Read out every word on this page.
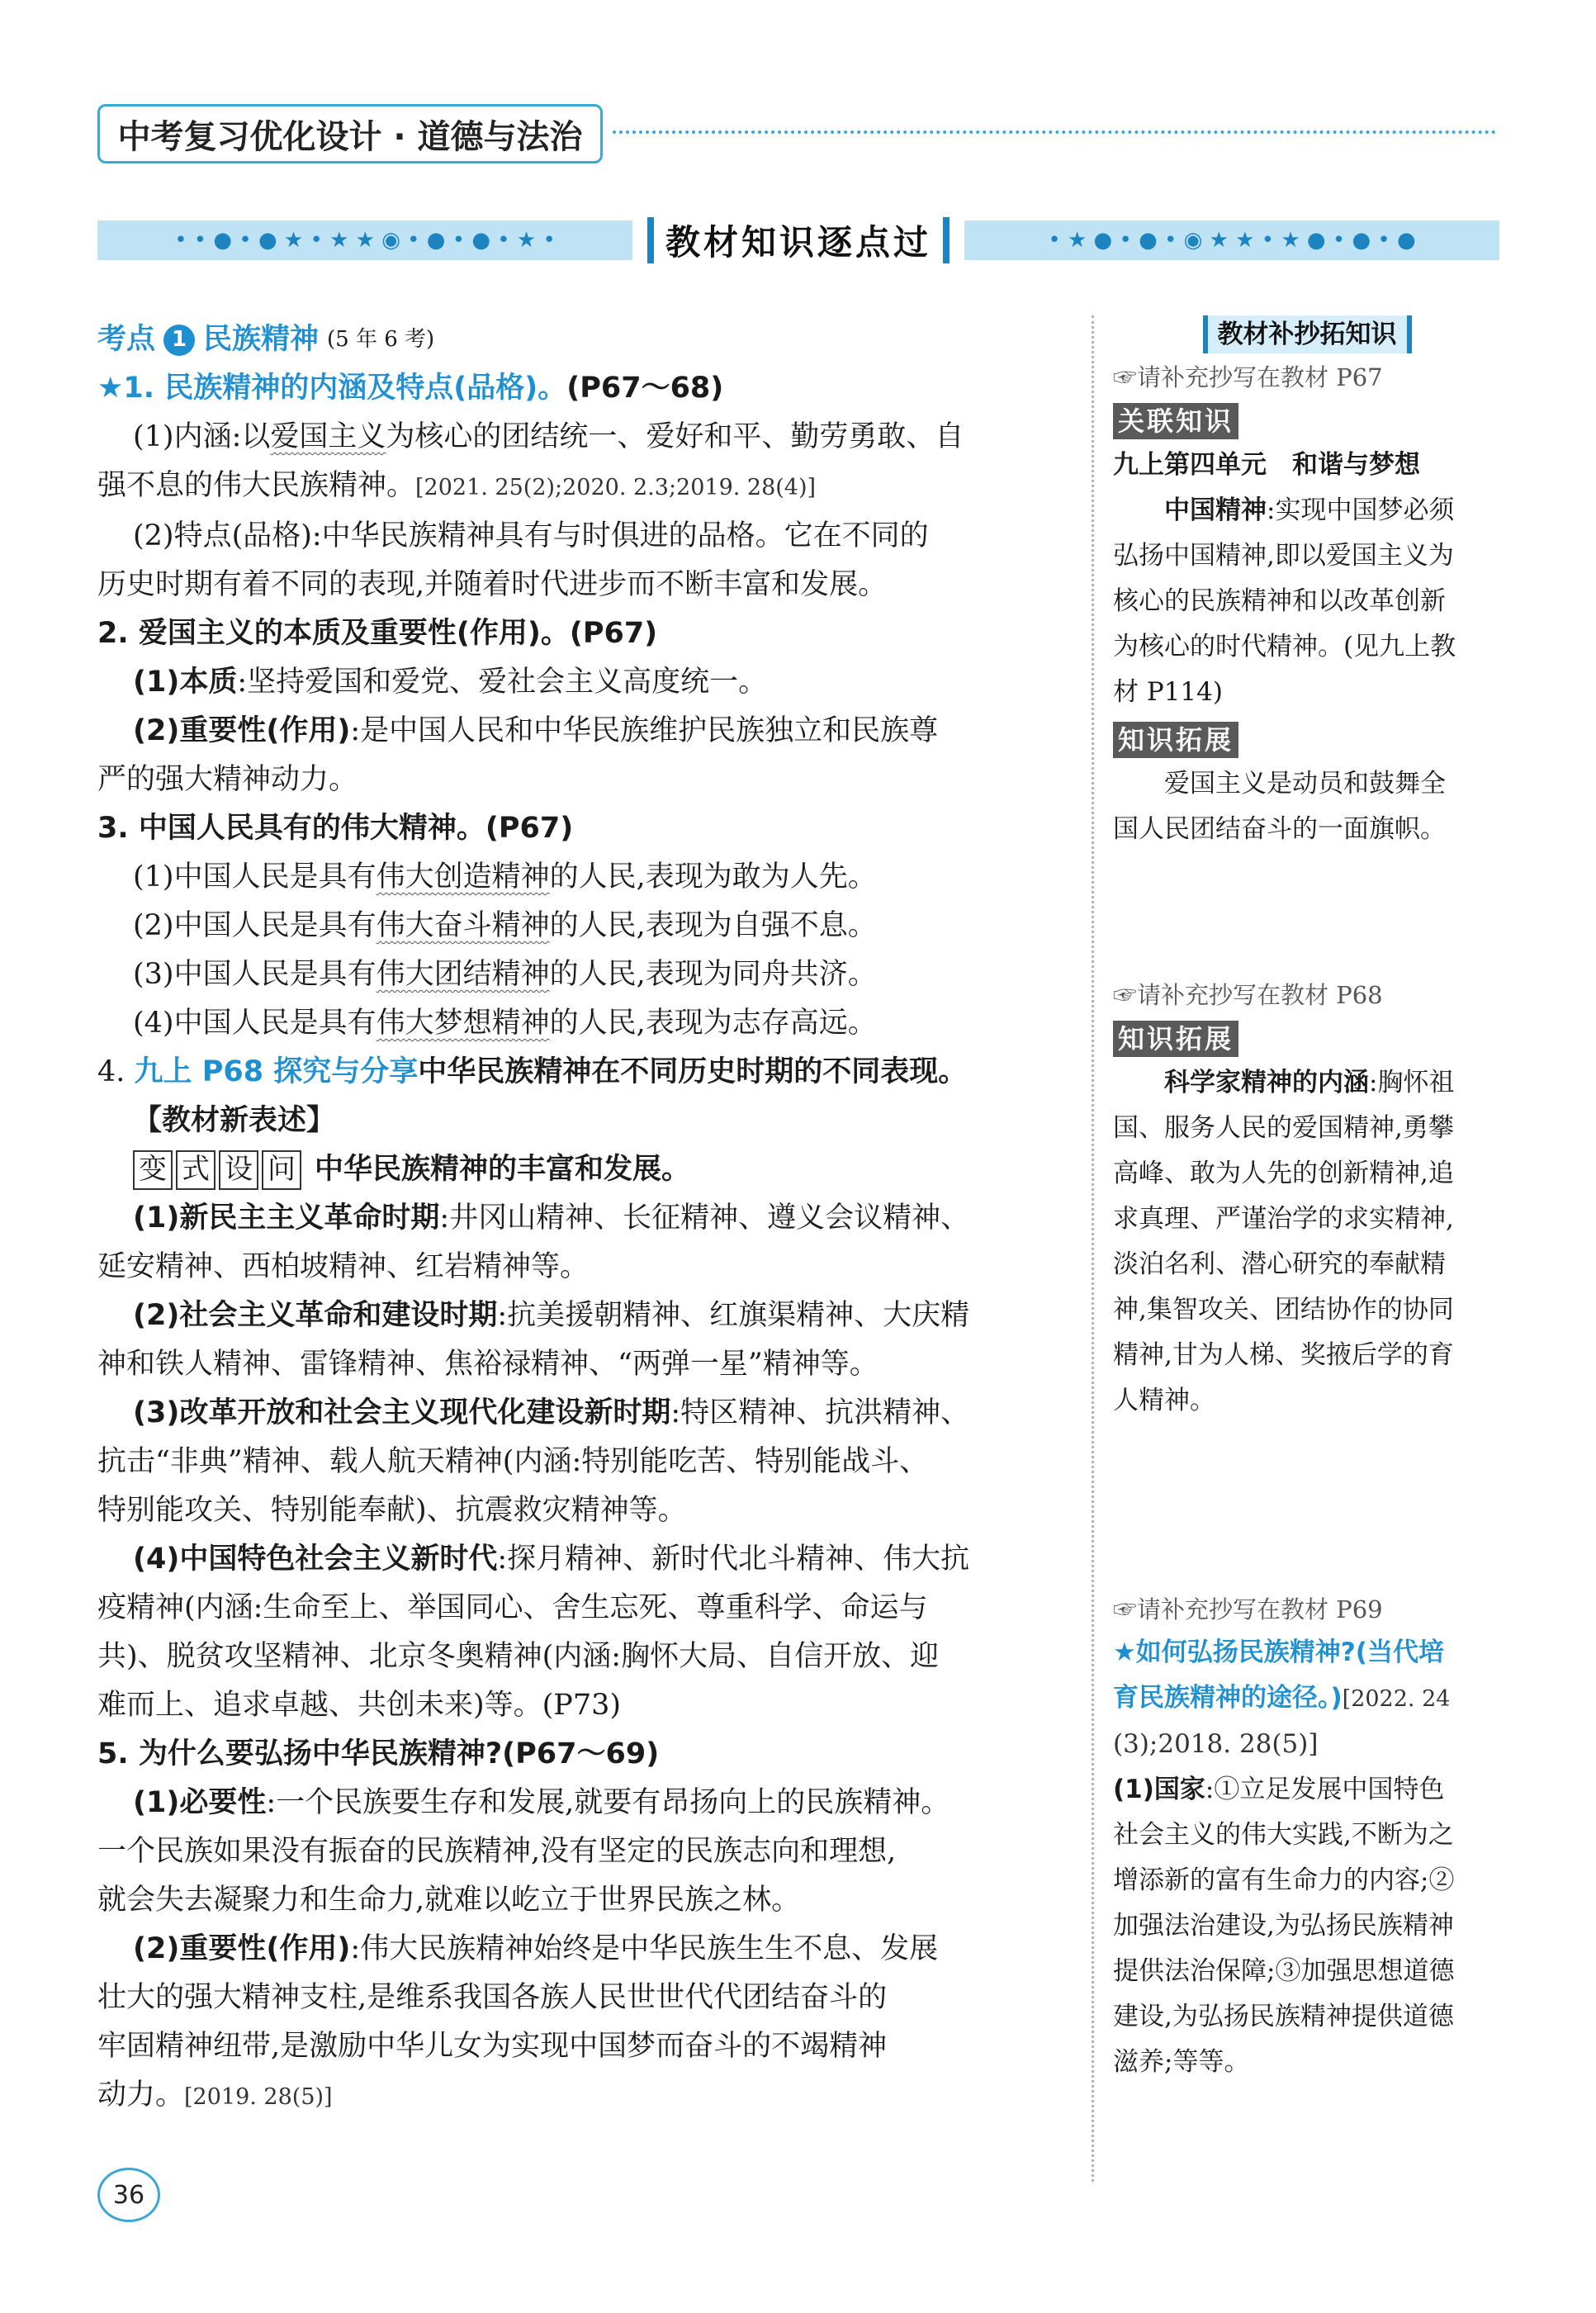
中考复习优化设计 · 道德与法治
• • ● • ● ★ • ★ ★ ◉ • ● • ● • ★ •	教材知识逐点过	• ★ ● • ● • ◉ ★ ★ • ★ ● • ● • ●

考点 1 民族精神 (5 年 6 考)

★1. 民族精神的内涵及特点(品格)。(P67～68)

(1)内涵:以爱国主义为核心的团结统一、爱好和平、勤劳勇敢、自

强不息的伟大民族精神。[2021. 25(2);2020. 2.3;2019. 28(4)]

(2)特点(品格):中华民族精神具有与时俱进的品格。它在不同的

历史时期有着不同的表现,并随着时代进步而不断丰富和发展。

2. 爱国主义的本质及重要性(作用)。(P67)

(1)本质:坚持爱国和爱党、爱社会主义高度统一。

(2)重要性(作用):是中国人民和中华民族维护民族独立和民族尊

严的强大精神动力。

3. 中国人民具有的伟大精神。(P67)

(1)中国人民是具有伟大创造精神的人民,表现为敢为人先。

(2)中国人民是具有伟大奋斗精神的人民,表现为自强不息。

(3)中国人民是具有伟大团结精神的人民,表现为同舟共济。

(4)中国人民是具有伟大梦想精神的人民,表现为志存高远。

4. 九上 P68 探究与分享中华民族精神在不同历史时期的不同表现。

【教材新表述】

变 式 设 问 中华民族精神的丰富和发展。

(1)新民主主义革命时期:井冈山精神、长征精神、遵义会议精神、

延安精神、西柏坡精神、红岩精神等。

(2)社会主义革命和建设时期:抗美援朝精神、红旗渠精神、大庆精

神和铁人精神、雷锋精神、焦裕禄精神、“两弹一星”精神等。

(3)改革开放和社会主义现代化建设新时期:特区精神、抗洪精神、

抗击“非典”精神、载人航天精神(内涵:特别能吃苦、特别能战斗、

特别能攻关、特别能奉献)、抗震救灾精神等。

(4)中国特色社会主义新时代:探月精神、新时代北斗精神、伟大抗

疫精神(内涵:生命至上、举国同心、舍生忘死、尊重科学、命运与

共)、脱贫攻坚精神、北京冬奥精神(内涵:胸怀大局、自信开放、迎

难而上、追求卓越、共创未来)等。(P73)

5. 为什么要弘扬中华民族精神?(P67～69)

(1)必要性:一个民族要生存和发展,就要有昂扬向上的民族精神。

一个民族如果没有振奋的民族精神,没有坚定的民族志向和理想,

就会失去凝聚力和生命力,就难以屹立于世界民族之林。

(2)重要性(作用):伟大民族精神始终是中华民族生生不息、发展

壮大的强大精神支柱,是维系我国各族人民世世代代团结奋斗的

牢固精神纽带,是激励中华儿女为实现中国梦而奋斗的不竭精神

动力。[2019. 28(5)]

教材补抄拓知识

☞请补充抄写在教材 P67

关联知识

九上第四单元　和谐与梦想

中国精神:实现中国梦必须

弘扬中国精神,即以爱国主义为

核心的民族精神和以改革创新

为核心的时代精神。(见九上教

材 P114)

知识拓展

爱国主义是动员和鼓舞全

国人民团结奋斗的一面旗帜。

☞请补充抄写在教材 P68

知识拓展

科学家精神的内涵:胸怀祖

国、服务人民的爱国精神,勇攀

高峰、敢为人先的创新精神,追

求真理、严谨治学的求实精神,

淡泊名利、潜心研究的奉献精

神,集智攻关、团结协作的协同

精神,甘为人梯、奖掖后学的育

人精神。

☞请补充抄写在教材 P69

★如何弘扬民族精神?(当代培

育民族精神的途径。)[2022. 24

(3);2018. 28(5)]

(1)国家:①立足发展中国特色

社会主义的伟大实践,不断为之

增添新的富有生命力的内容;②

加强法治建设,为弘扬民族精神

提供法治保障;③加强思想道德

建设,为弘扬民族精神提供道德

滋养;等等。

36
